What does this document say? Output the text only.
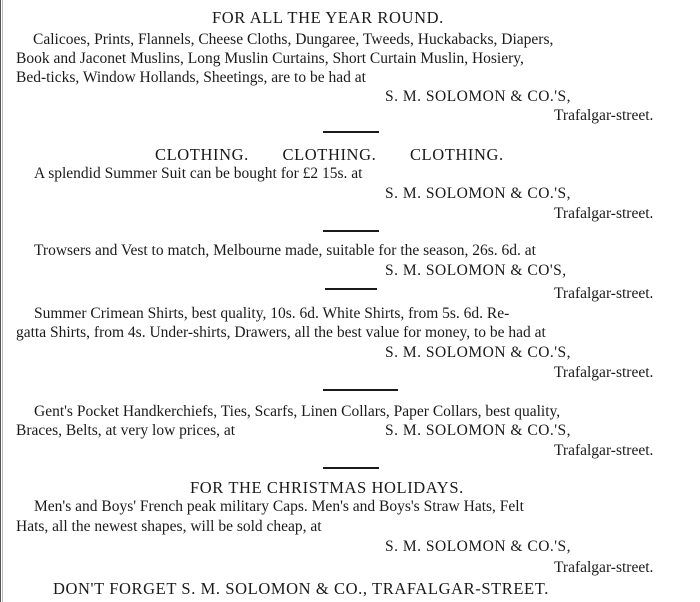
FOR ALL THE YEAR ROUND.
Calicoes, Prints, Flannels, Cheese Cloths, Dungaree, Tweeds, Huckabacks, Diapers,
Book and Jaconet Muslins, Long Muslin Curtains, Short Curtain Muslin, Hosiery,
Bed-ticks, Window Hollands, Sheetings, are to be had at
S. M. SOLOMON & CO.'S,
Trafalgar-street.
CLOTHING.     CLOTHING.     CLOTHING.
A splendid Summer Suit can be bought for £2 15s. at
S. M. SOLOMON & CO.'S,
Trafalgar-street.
Trowsers and Vest to match, Melbourne made, suitable for the season, 26s. 6d. at
S. M. SOLOMON & CO'S,
Trafalgar-street.
Summer Crimean Shirts, best quality, 10s. 6d. White Shirts, from 5s. 6d. Re-
gatta Shirts, from 4s. Under-shirts, Drawers, all the best value for money, to be had at
S. M. SOLOMON & CO.'S,
Trafalgar-street.
Gent's Pocket Handkerchiefs, Ties, Scarfs, Linen Collars, Paper Collars, best quality,
Braces, Belts, at very low prices, at	S. M. SOLOMON & CO.'S,
Trafalgar-street.
FOR THE CHRISTMAS HOLIDAYS.
Men's and Boys' French peak military Caps. Men's and Boys's Straw Hats, Felt
Hats, all the newest shapes, will be sold cheap, at
S. M. SOLOMON & CO.'S,
Trafalgar-street.
DON'T FORGET S. M. SOLOMON & CO., TRAFALGAR-STREET.
